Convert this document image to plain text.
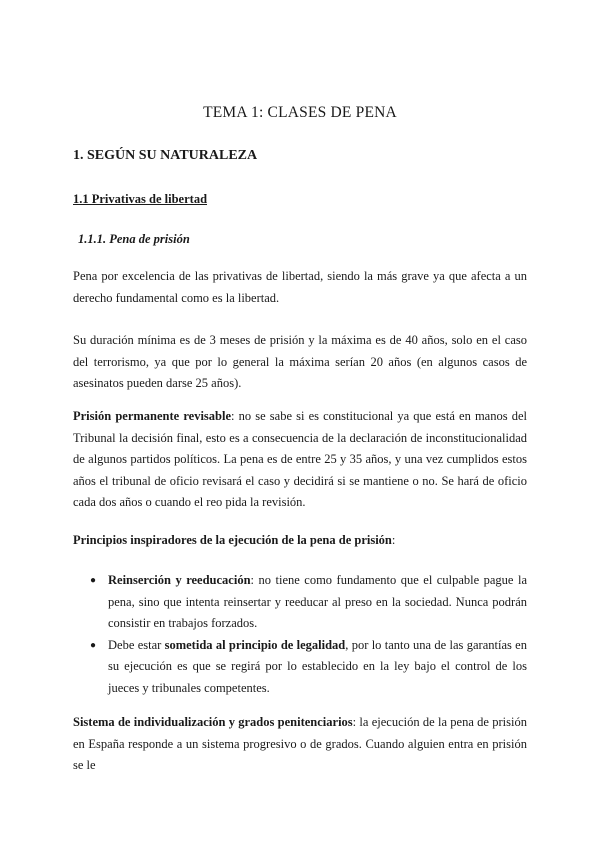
TEMA 1: CLASES DE PENA
1. SEGÚN SU NATURALEZA
1.1 Privativas de libertad
1.1.1. Pena de prisión

Pena por excelencia de las privativas de libertad, siendo la más grave ya que afecta a un derecho fundamental como es la libertad.

Su duración mínima es de 3 meses de prisión y la máxima es de 40 años, solo en el caso del terrorismo, ya que por lo general la máxima serían 20 años (en algunos casos de asesinatos pueden darse 25 años).

Prisión permanente revisable: no se sabe si es constitucional ya que está en manos del Tribunal la decisión final, esto es a consecuencia de la declaración de inconstitucionalidad de algunos partidos políticos. La pena es de entre 25 y 35 años, y una vez cumplidos estos años el tribunal de oficio revisará el caso y decidirá si se mantiene o no. Se hará de oficio cada dos años o cuando el reo pida la revisión.

Principios inspiradores de la ejecución de la pena de prisión:

● Reinserción y reeducación: no tiene como fundamento que el culpable pague la pena, sino que intenta reinsertar y reeducar al preso en la sociedad. Nunca podrán consistir en trabajos forzados.
● Debe estar sometida al principio de legalidad, por lo tanto una de las garantías en su ejecución es que se regirá por lo establecido en la ley bajo el control de los jueces y tribunales competentes.

Sistema de individualización y grados penitenciarios: la ejecución de la pena de prisión en España responde a un sistema progresivo o de grados. Cuando alguien entra en prisión se le
